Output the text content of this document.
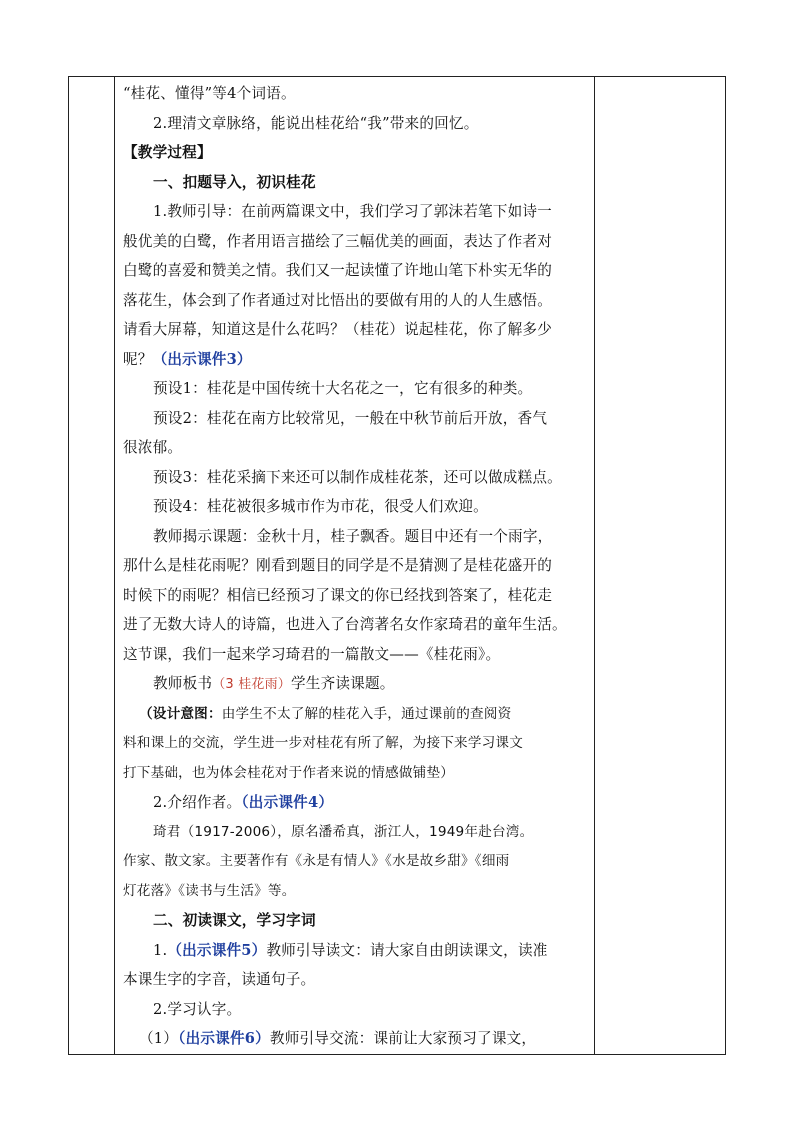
“桂花、懂得”等4个词语。
2.理清文章脉络，能说出桂花给“我”带来的回忆。
【教学过程】
一、扣题导入，初识桂花
1.教师引导：在前两篇课文中，我们学习了郭沫若笔下如诗一
般优美的白鹭，作者用语言描绘了三幅优美的画面，表达了作者对
白鹭的喜爱和赞美之情。我们又一起读懂了许地山笔下朴实无华的
落花生，体会到了作者通过对比悟出的要做有用的人的人生感悟。
请看大屏幕，知道这是什么花吗？（桂花）说起桂花，你了解多少
呢？（出示课件3）
预设1：桂花是中国传统十大名花之一，它有很多的种类。
预设2：桂花在南方比较常见，一般在中秋节前后开放，香气
很浓郁。
预设3：桂花采摘下来还可以制作成桂花茶，还可以做成糕点。
预设4：桂花被很多城市作为市花，很受人们欢迎。
教师揭示课题：金秋十月，桂子飘香。题目中还有一个雨字，
那什么是桂花雨呢？刚看到题目的同学是不是猜测了是桂花盛开的
时候下的雨呢？相信已经预习了课文的你已经找到答案了，桂花走
进了无数大诗人的诗篇，也进入了台湾著名女作家琦君的童年生活。
这节课，我们一起来学习琦君的一篇散文——《桂花雨》。
教师板书（3 桂花雨）学生齐读课题。
（设计意图：由学生不太了解的桂花入手，通过课前的查阅资
料和课上的交流，学生进一步对桂花有所了解，为接下来学习课文
打下基础，也为体会桂花对于作者来说的情感做铺垫）
2.介绍作者。（出示课件4）
琦君（1917-2006），原名潘希真，浙江人，1949年赴台湾。
作家、散文家。主要著作有《永是有情人》《水是故乡甜》《细雨
灯花落》《读书与生活》等。
二、初读课文，学习字词
1.（出示课件5）教师引导读文：请大家自由朗读课文，读准
本课生字的字音，读通句子。
2.学习认字。
（1）（出示课件6）教师引导交流：课前让大家预习了课文，
